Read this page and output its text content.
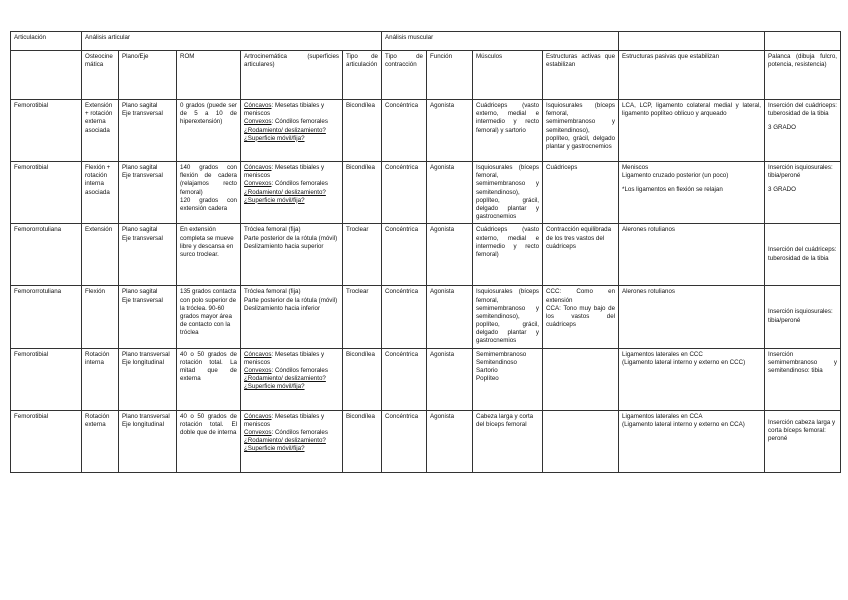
Articulación	Análisis articular					Análisis muscular					
	Osteocinemática	Plano/Eje	ROM	Artrocinemática (superficies articulares)	Tipo de articulación	Tipo de contracción	Función	Músculos	Estructuras activas que estabilizan	Estructuras pasivas que estabilizan	Palanca (dibuja fulcro, potencia, resistencia)
Femorotibial	Extensión + rotación externa asociada	Plano sagital
Eje transversal	0 grados (puede ser de 5 a 10 de hiperextensión)	Cóncavos: Mesetas tibiales y meniscos
Convexos: Cóndilos femorales
¿Rodamiento/ deslizamiento?
¿Superficie móvil/fija?	Bicondílea	Concéntrica	Agonista	Cuádriceps (vasto externo, medial e intermedio y recto femoral) y sartorio	Isquiosurales (bíceps femoral, semimembranoso y semitendinoso), poplíteo, grácil, delgado plantar y gastrocnemios	LCA, LCP, ligamento colateral medial y lateral, ligamento poplíteo oblicuo y arqueado	Inserción del cuádriceps: tuberosidad de la tibia
3 GRADO
Femorotibial	Flexión + rotación interna asociada	Plano sagital
Eje transversal	140 grados con flexión de cadera (relajamos recto femoral)
120 grados con extensión cadera	Cóncavos: Mesetas tibiales y meniscos
Convexos: Cóndilos femorales
¿Rodamiento/ deslizamiento?
¿Superficie móvil/fija?	Bicondílea	Concéntrica	Agonista	Isquiosurales (bíceps femoral, semimembranoso y semitendinoso), poplíteo, grácil, delgado plantar y gastrocnemios	Cuádriceps	Meniscos
Ligamento cruzado posterior (un poco)
*Los ligamentos en flexión se relajan	Inserción isquiosurales: tibia/peroné
3 GRADO
Femororrotuliana	Extensión	Plano sagital
Eje transversal	En extensión completa se mueve libre y descansa en surco troclear.	Tróclea femoral (fija)
Parte posterior de la rótula (móvil)
Deslizamiento hacia superior	Troclear	Concéntrica	Agonista	Cuádriceps (vasto externo, medial e intermedio y recto femoral)	Contracción equilibrada de los tres vastos del cuádriceps	Alerones rotulianos	Inserción del cuádriceps: tuberosidad de la tibia
Femororrotuliana	Flexión	Plano sagital
Eje transversal	135 grados contacta con polo superior de la tróclea. 90-60 grados mayor área de contacto con la tróclea	Tróclea femoral (fija)
Parte posterior de la rótula (móvil)
Deslizamiento hacia inferior	Troclear	Concéntrica	Agonista	Isquiosurales (bíceps femoral, semimembranoso y semitendinoso), poplíteo, grácil, delgado plantar y gastrocnemios	CCC: Como en extensión
CCA: Tono muy bajo de los vastos del cuádriceps	Alerones rotulianos	Inserción isquiosurales: tibia/peroné
Femorotibial	Rotación interna	Plano transversal
Eje longitudinal	40 o 50 grados de rotación total. La mitad que de externa	Cóncavos: Mesetas tibiales y meniscos
Convexos: Cóndilos femorales
¿Rodamiento/ deslizamiento?
¿Superficie móvil/fija?	Bicondílea	Concéntrica	Agonista	Semimembranoso
Semitendinoso
Sartorio
Poplíteo		Ligamentos laterales en CCC
(Ligamento lateral interno y externo en CCC)	Inserción semimembranoso y semitendinoso: tibia
Femorotibial	Rotación externa	Plano transversal
Eje longitudinal	40 o 50 grados de rotación total. El doble que de interna	Cóncavos: Mesetas tibiales y meniscos
Convexos: Cóndilos femorales
¿Rodamiento/ deslizamiento?
¿Superficie móvil/fija?	Bicondílea	Concéntrica	Agonista	Cabeza larga y corta del bíceps femoral		Ligamentos laterales en CCA
(Ligamento lateral interno y externo en CCA)	Inserción cabeza larga y corta bíceps femoral: peroné
